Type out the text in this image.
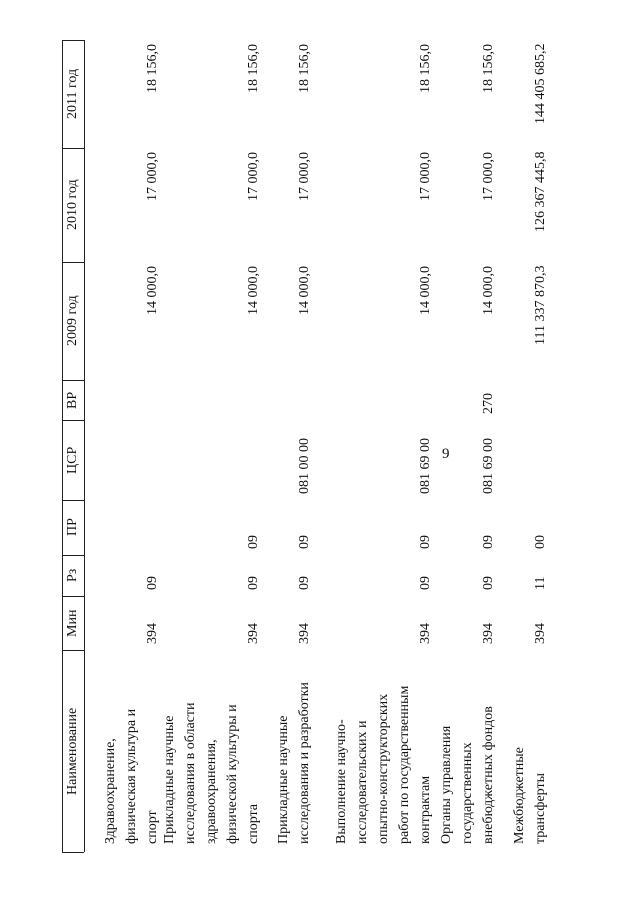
9
2011 год
2010 год
2009 год
ВР
ЦСР
ПР
Рз
Мин
Наименование Здравоохранение, физическая культура и спорт
394
09
14 000,0
17 000,0
18 156,0
Прикладные научные исследования в области здравоохранения, физической культуры и спорта
394
09
09
14 000,0
17 000,0
18 156,0
Прикладные научные исследования и разработки
394
09
09
081 00 00
14 000,0
17 000,0
18 156,0
Выполнение научно- исследовательских и опытно-конструкторских работ по государственным контрактам
394
09
09
081 69 00
14 000,0
17 000,0
18 156,0
Органы управления государственных внебюджетных фондов
394
09
09
081 69 00
270
14 000,0
17 000,0
18 156,0
Межбюджетные трансферты
394
11
00
111 337 870,3
126 367 445,8
144 405 685,2
